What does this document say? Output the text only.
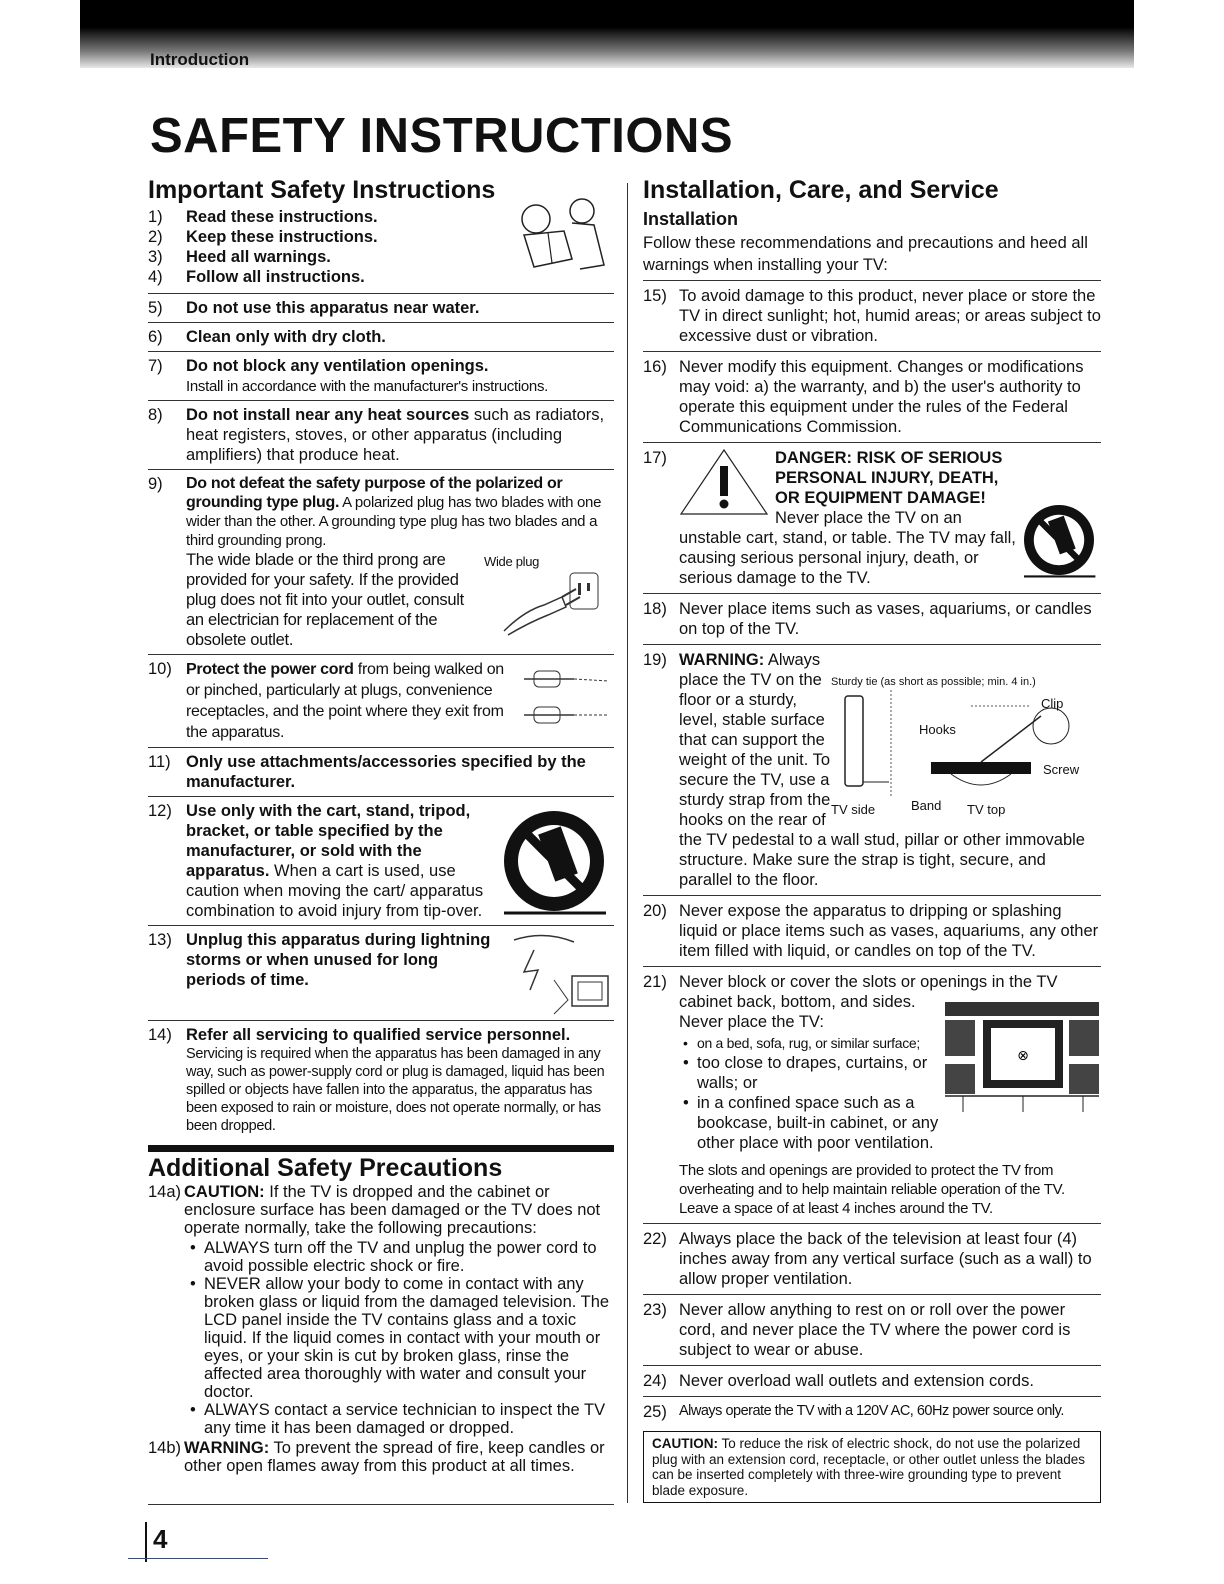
Introduction
SAFETY INSTRUCTIONS
Important Safety Instructions
1)	Read these instructions.
2)	Keep these instructions.
3)	Heed all warnings.
4)	Follow all instructions.
5)	Do not use this apparatus near water.
6)	Clean only with dry cloth.
7)	Do not block any ventilation openings.
Install in accordance with the manufacturer's instructions.
8)	Do not install near any heat sources such as radiators, heat registers, stoves, or other apparatus (including amplifiers) that produce heat.
9)	Do not defeat the safety purpose of the polarized or grounding type plug. A polarized plug has two blades with one wider than the other. A grounding type plug has two blades and a third grounding prong.

Wide plug
The wide blade or the third prong are provided for your safety. If the provided plug does not fit into your outlet, consult an electrician for replacement of the obsolete outlet.
10) Protect the power cord from being walked on or pinched, particularly at plugs, convenience receptacles, and the point where they exit from the apparatus.
11) Only use attachments/accessories specified by the manufacturer.
12) Use only with the cart, stand, tripod, bracket, or table specified by the manufacturer, or sold with the apparatus. When a cart is used, use caution when moving the cart/ apparatus combination to avoid injury from tip-over.
13) Unplug this apparatus during lightning storms or when unused for long periods of time.
14) Refer all servicing to qualified service personnel.

Servicing is required when the apparatus has been damaged in any way, such as power-supply cord or plug is damaged, liquid has been spilled or objects have fallen into the apparatus, the apparatus has been exposed to rain or moisture, does not operate normally, or has been dropped.
Additional Safety Precautions
14a) CAUTION: If the TV is dropped and the cabinet or enclosure surface has been damaged or the TV does not operate normally, take the following precautions:
• ALWAYS turn off the TV and unplug the power cord to avoid possible electric shock or fire.
• NEVER allow your body to come in contact with any broken glass or liquid from the damaged television. The LCD panel inside the TV contains glass and a toxic liquid. If the liquid comes in contact with your mouth or eyes, or your skin is cut by broken glass, rinse the affected area thoroughly with water and consult your doctor.
• ALWAYS contact a service technician to inspect the TV any time it has been damaged or dropped.
14b) WARNING: To prevent the spread of fire, keep candles or other open flames away from this product at all times.
Installation, Care, and Service
Installation
Follow these recommendations and precautions and heed all warnings when installing your TV:
15) To avoid damage to this product, never place or store the TV in direct sunlight; hot, humid areas; or areas subject to excessive dust or vibration.
16) Never modify this equipment. Changes or modifications may void: a) the warranty, and b) the user's authority to operate this equipment under the rules of the Federal Communications Commission.
17)	DANGER: RISK OF SERIOUS PERSONAL INJURY, DEATH, OR EQUIPMENT DAMAGE! Never place the TV on an unstable cart, stand, or table. The TV may fall, causing serious personal injury, death, or serious damage to the TV.
18) Never place items such as vases, aquariums, or candles on top of the TV.
19)
Sturdy tie (as short as possible; min. 4 in.)
Clip
Hooks
Screw
Band
TV side	TV top
WARNING: Always place the TV on the floor or a sturdy, level, stable surface that can support the weight of the unit. To secure the TV, use a sturdy strap from the hooks on the rear of the TV pedestal to a wall stud, pillar or other immovable structure. Make sure the strap is tight, secure, and parallel to the floor.
20) Never expose the apparatus to dripping or splashing liquid or place items such as vases, aquariums, any other item filled with liquid, or candles on top of the TV.
21) Never block or cover the slots or openings in the TV cabinet back, bottom, and sides.
⊗

Never place the TV:
• on a bed, sofa, rug, or similar surface;
• too close to drapes, curtains, or walls; or
• in a confined space such as a bookcase, built-in cabinet, or any other place with poor ventilation.
The slots and openings are provided to protect the TV from overheating and to help maintain reliable operation of the TV. Leave a space of at least 4 inches around the TV.
22) Always place the back of the television at least four (4) inches away from any vertical surface (such as a wall) to allow proper ventilation.
23) Never allow anything to rest on or roll over the power cord, and never place the TV where the power cord is subject to wear or abuse.
24) Never overload wall outlets and extension cords.
25) Always operate the TV with a 120V AC, 60Hz power source only.
CAUTION: To reduce the risk of electric shock, do not use the polarized plug with an extension cord, receptacle, or other outlet unless the blades can be inserted completely with three-wire grounding type to prevent blade exposure.
4
